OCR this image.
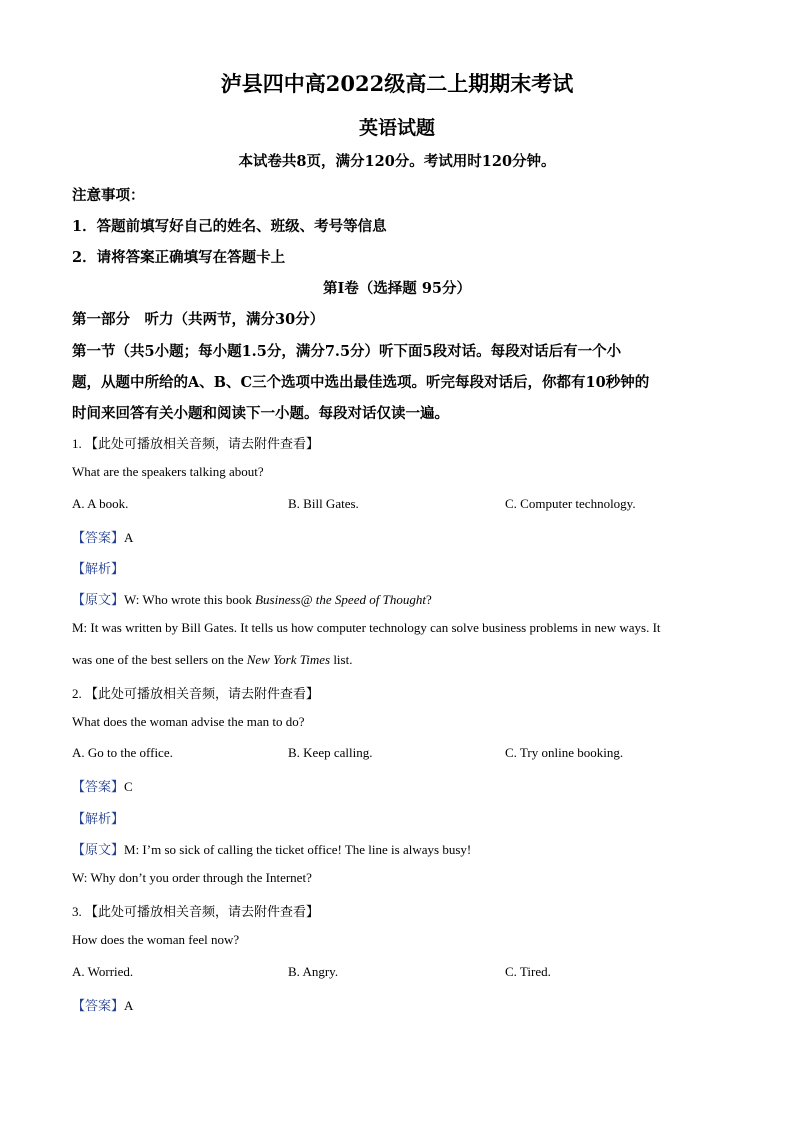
泸县四中高2022级高二上期期末考试
英语试题
本试卷共8页，满分120分。考试用时120分钟。
注意事项：
1．答题前填写好自己的姓名、班级、考号等信息
2．请将答案正确填写在答题卡上
第I卷（选择题 95分）
第一部分　听力（共两节，满分30分）
第一节（共5小题；每小题1.5分，满分7.5分）听下面5段对话。每段对话后有一个小
题，从题中所给的A、B、C三个选项中选出最佳选项。听完每段对话后，你都有10秒钟的
时间来回答有关小题和阅读下一小题。每段对话仅读一遍。
1. 【此处可播放相关音频，请去附件查看】
What are the speakers talking about?
A. A book.	B. Bill Gates.	C. Computer technology.
【答案】A
【解析】
【原文】W: Who wrote this book Business@ the Speed of Thought?
M: It was written by Bill Gates. It tells us how computer technology can solve business problems in new ways. It
was one of the best sellers on the New York Times list.
2. 【此处可播放相关音频，请去附件查看】
What does the woman advise the man to do?
A. Go to the office.	B. Keep calling.	C. Try online booking.
【答案】C
【解析】
【原文】M: I’m so sick of calling the ticket office! The line is always busy!
W: Why don’t you order through the Internet?
3. 【此处可播放相关音频，请去附件查看】
How does the woman feel now?
A. Worried.	B. Angry.	C. Tired.
【答案】A
